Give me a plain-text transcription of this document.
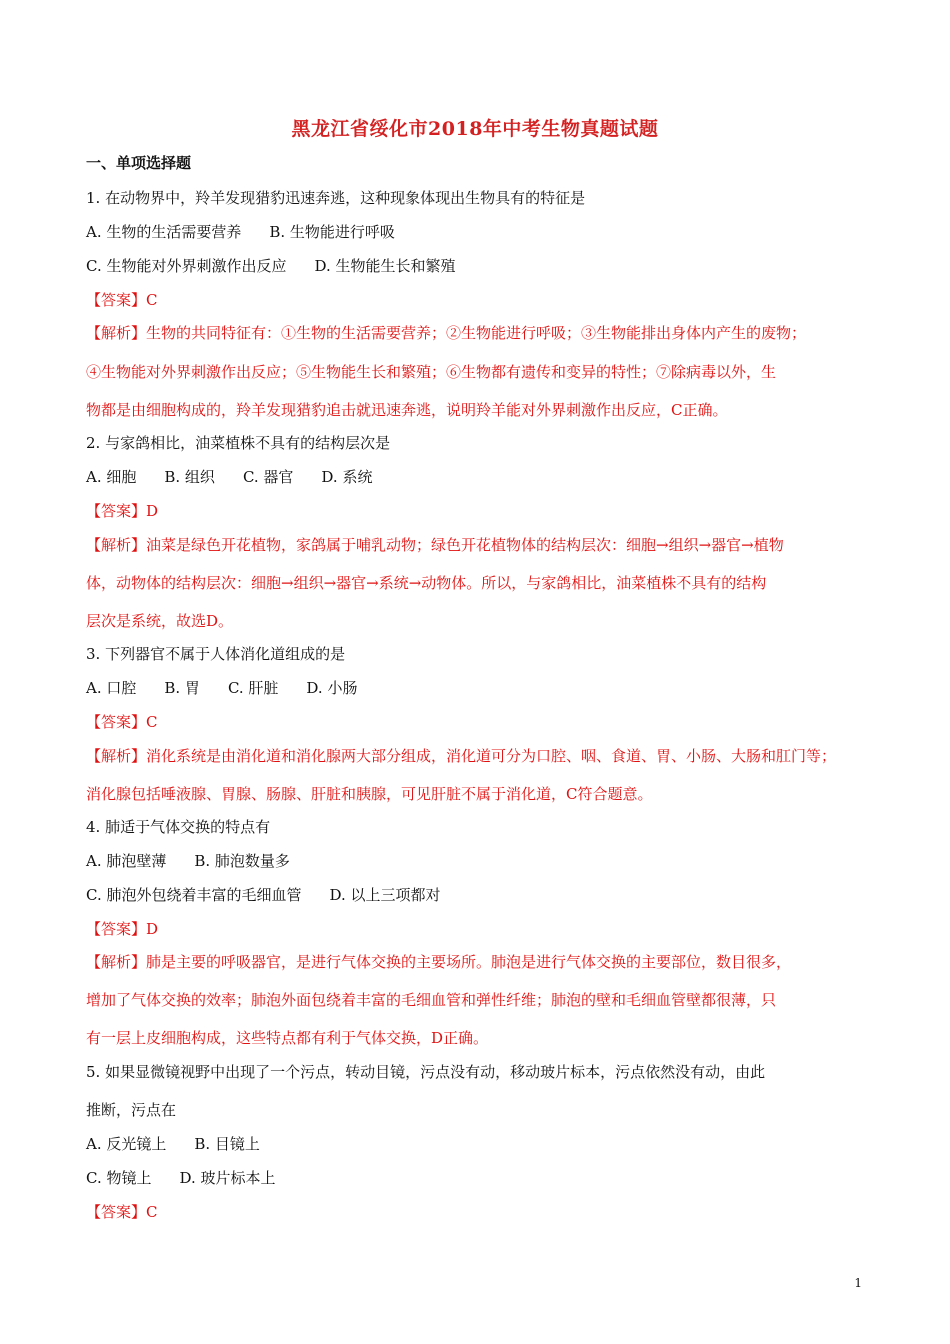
黑龙江省绥化市2018年中考生物真题试题
一、单项选择题
1. 在动物界中，羚羊发现猎豹迅速奔逃，这种现象体现出生物具有的特征是
A. 生物的生活需要营养 B. 生物能进行呼吸
C. 生物能对外界刺激作出反应 D. 生物能生长和繁殖
【答案】C
【解析】生物的共同特征有：①生物的生活需要营养；②生物能进行呼吸；③生物能排出身体内产生的废物；
④生物能对外界刺激作出反应；⑤生物能生长和繁殖；⑥生物都有遗传和变异的特性；⑦除病毒以外，生
物都是由细胞构成的，羚羊发现猎豹追击就迅速奔逃，说明羚羊能对外界刺激作出反应，C正确。
2. 与家鸽相比，油菜植株不具有的结构层次是
A. 细胞 B. 组织 C. 器官 D. 系统
【答案】D
【解析】油菜是绿色开花植物，家鸽属于哺乳动物；绿色开花植物体的结构层次：细胞→组织→器官→植物
体，动物体的结构层次：细胞→组织→器官→系统→动物体。所以，与家鸽相比，油菜植株不具有的结构
层次是系统，故选D。
3. 下列器官不属于人体消化道组成的是
A. 口腔 B. 胃 C. 肝脏 D. 小肠
【答案】C
【解析】消化系统是由消化道和消化腺两大部分组成，消化道可分为口腔、咽、食道、胃、小肠、大肠和肛门等；
消化腺包括唾液腺、胃腺、肠腺、肝脏和胰腺，可见肝脏不属于消化道，C符合题意。
4. 肺适于气体交换的特点有
A. 肺泡壁薄 B. 肺泡数量多
C. 肺泡外包绕着丰富的毛细血管 D. 以上三项都对
【答案】D
【解析】肺是主要的呼吸器官，是进行气体交换的主要场所。肺泡是进行气体交换的主要部位，数目很多，
增加了气体交换的效率；肺泡外面包绕着丰富的毛细血管和弹性纤维；肺泡的壁和毛细血管壁都很薄，只
有一层上皮细胞构成，这些特点都有利于气体交换，D正确。
5. 如果显微镜视野中出现了一个污点，转动目镜，污点没有动，移动玻片标本，污点依然没有动，由此
推断，污点在
A. 反光镜上 B. 目镜上
C. 物镜上 D. 玻片标本上
【答案】C
1
